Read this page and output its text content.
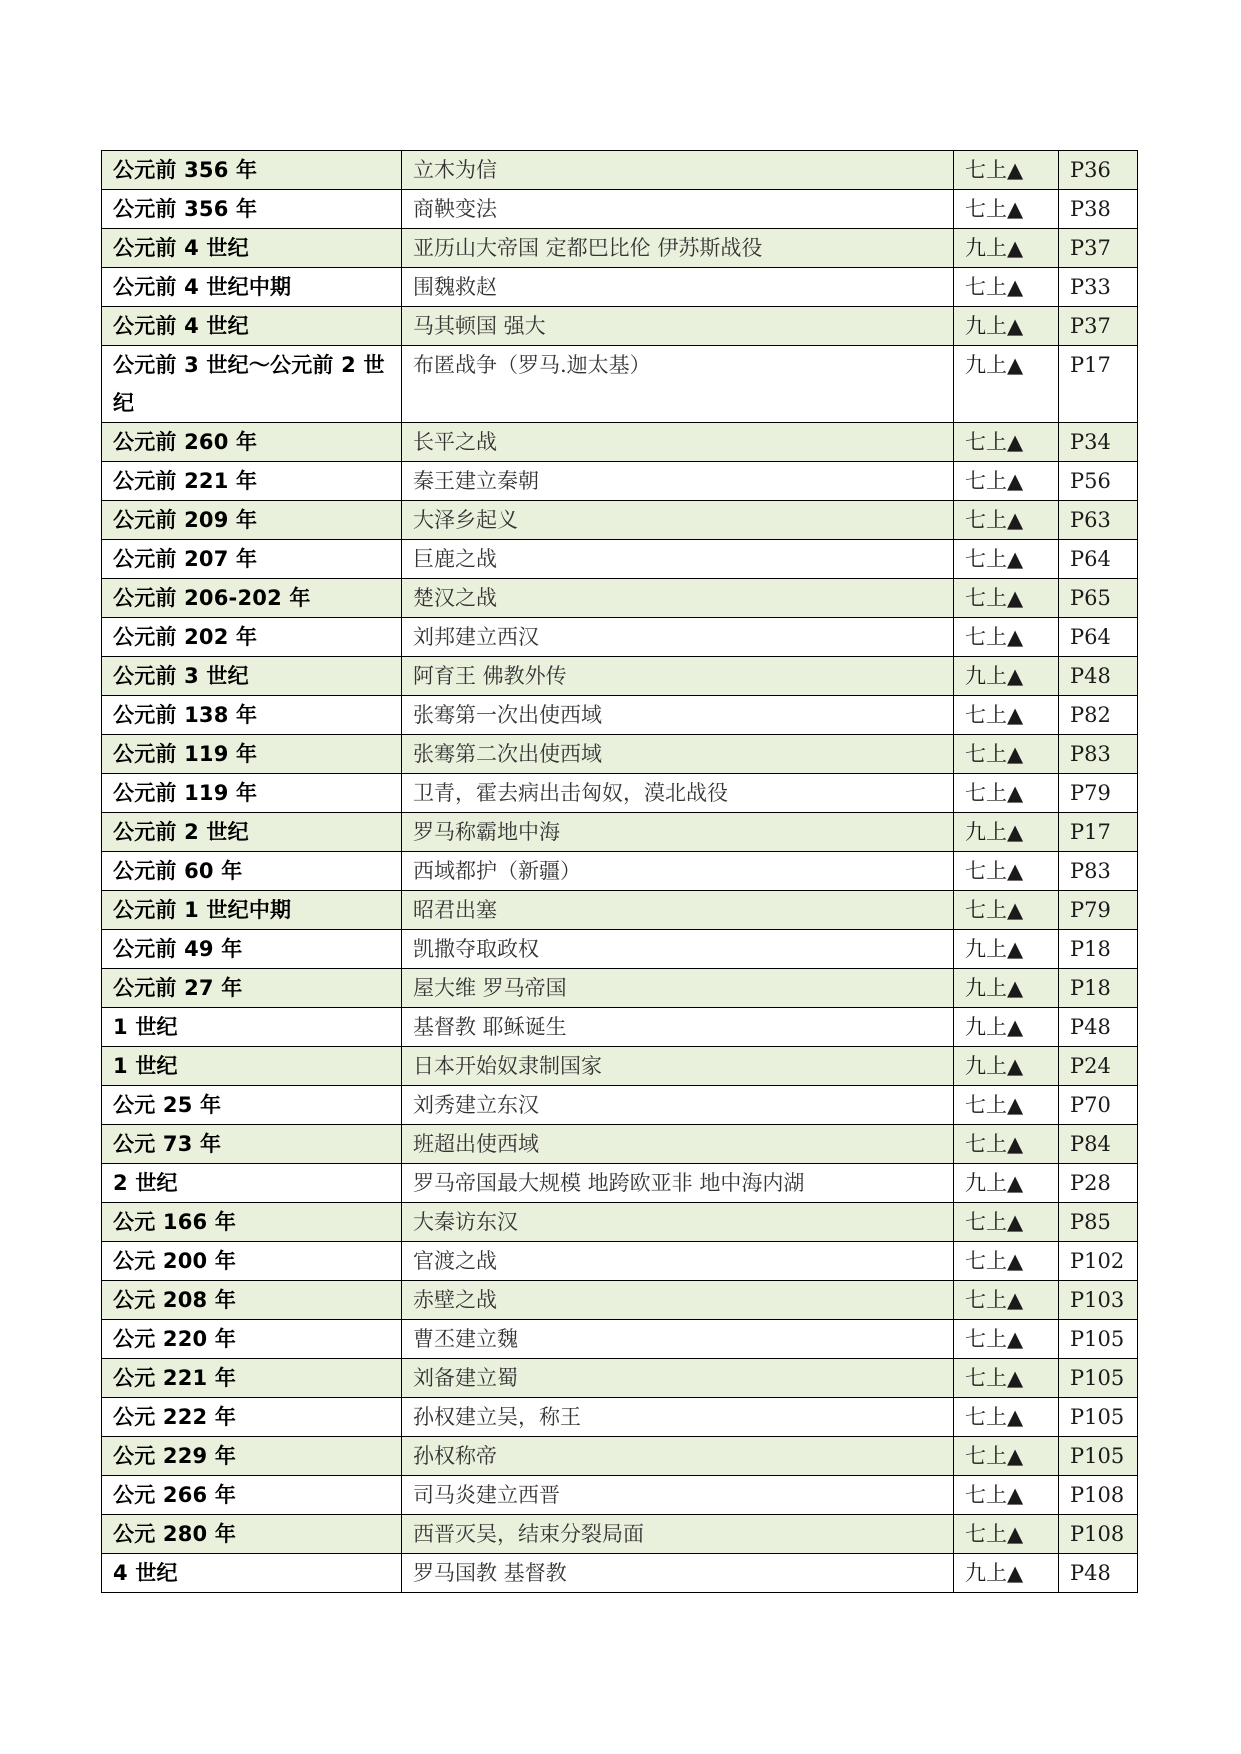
公元前 356 年	立木为信	七上▲	P36
公元前 356 年	商鞅变法	七上▲	P38
公元前 4 世纪	亚历山大帝国 定都巴比伦 伊苏斯战役	九上▲	P37
公元前 4 世纪中期	围魏救赵	七上▲	P33
公元前 4 世纪	马其顿国 强大	九上▲	P37
公元前 3 世纪～公元前 2 世纪	布匿战争（罗马.迦太基）	九上▲	P17
公元前 260 年	长平之战	七上▲	P34
公元前 221 年	秦王建立秦朝	七上▲	P56
公元前 209 年	大泽乡起义	七上▲	P63
公元前 207 年	巨鹿之战	七上▲	P64
公元前 206-202 年	楚汉之战	七上▲	P65
公元前 202 年	刘邦建立西汉	七上▲	P64
公元前 3 世纪	阿育王 佛教外传	九上▲	P48
公元前 138 年	张骞第一次出使西域	七上▲	P82
公元前 119 年	张骞第二次出使西域	七上▲	P83
公元前 119 年	卫青，霍去病出击匈奴，漠北战役	七上▲	P79
公元前 2 世纪	罗马称霸地中海	九上▲	P17
公元前 60 年	西域都护（新疆）	七上▲	P83
公元前 1 世纪中期	昭君出塞	七上▲	P79
公元前 49 年	凯撒夺取政权	九上▲	P18
公元前 27 年	屋大维 罗马帝国	九上▲	P18
1 世纪	基督教 耶稣诞生	九上▲	P48
1 世纪	日本开始奴隶制国家	九上▲	P24
公元 25 年	刘秀建立东汉	七上▲	P70
公元 73 年	班超出使西域	七上▲	P84
2 世纪	罗马帝国最大规模 地跨欧亚非 地中海内湖	九上▲	P28
公元 166 年	大秦访东汉	七上▲	P85
公元 200 年	官渡之战	七上▲	P102
公元 208 年	赤壁之战	七上▲	P103
公元 220 年	曹丕建立魏	七上▲	P105
公元 221 年	刘备建立蜀	七上▲	P105
公元 222 年	孙权建立吴，称王	七上▲	P105
公元 229 年	孙权称帝	七上▲	P105
公元 266 年	司马炎建立西晋	七上▲	P108
公元 280 年	西晋灭吴，结束分裂局面	七上▲	P108
4 世纪	罗马国教 基督教	九上▲	P48
